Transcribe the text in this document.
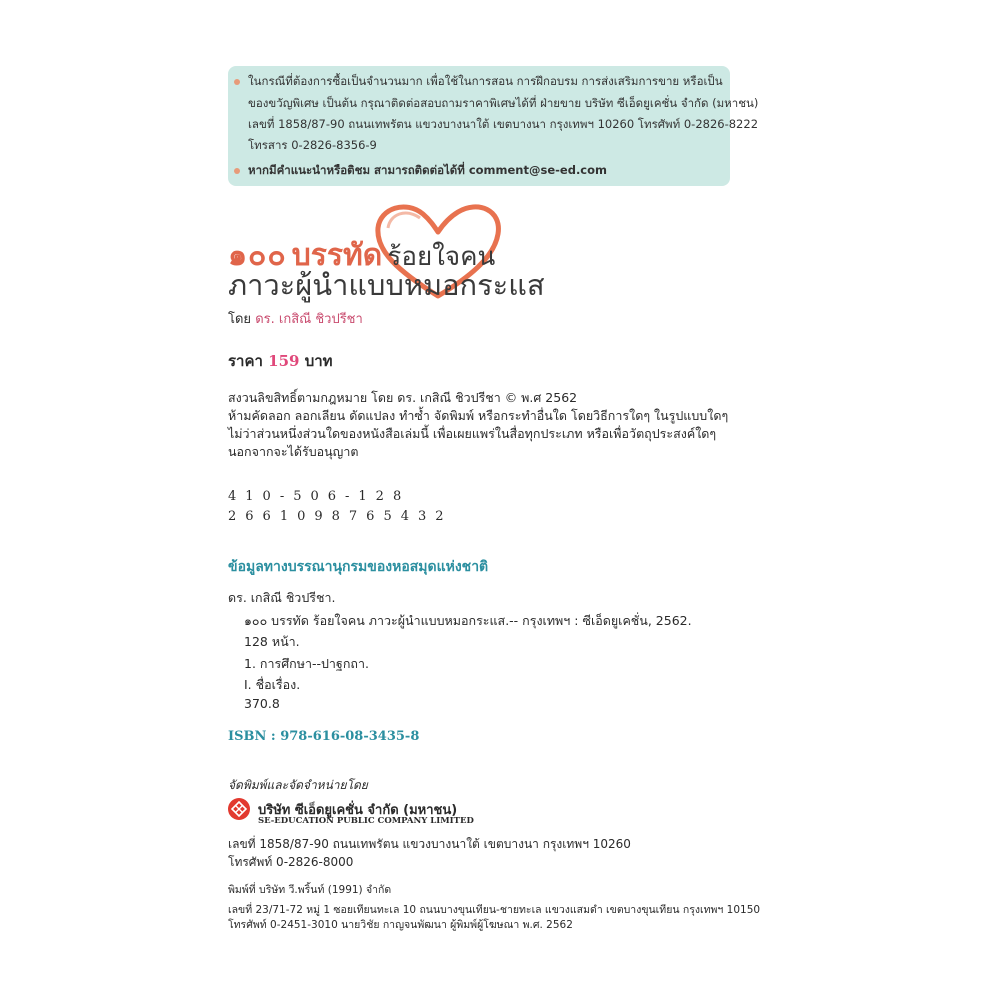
ในกรณีที่ต้องการซื้อเป็นจำนวนมาก เพื่อใช้ในการสอน การฝึกอบรม การส่งเสริมการขาย หรือเป็น
ของขวัญพิเศษ เป็นต้น กรุณาติดต่อสอบถามราคาพิเศษได้ที่ ฝ่ายขาย บริษัท ซีเอ็ดยูเคชั่น จำกัด (มหาชน)
เลขที่ 1858/87-90 ถนนเทพรัตน แขวงบางนาใต้ เขตบางนา กรุงเทพฯ 10260 โทรศัพท์ 0-2826-8222
โทรสาร 0-2826-8356-9
หากมีคำแนะนำหรือติชม สามารถติดต่อได้ที่ comment@se-ed.com
๑๐๐ บรรทัด ร้อยใจคน
ภาวะผู้นำแบบหมอกระแส
โดย ดร. เกสิณี ชิวปรีชา
ราคา 159 บาท
สงวนลิขสิทธิ์ตามกฎหมาย โดย ดร. เกสิณี ชิวปรีชา © พ.ศ 2562
ห้ามคัดลอก ลอกเลียน ดัดแปลง ทำซ้ำ จัดพิมพ์ หรือกระทำอื่นใด โดยวิธีการใดๆ ในรูปแบบใดๆ
ไม่ว่าส่วนหนึ่งส่วนใดของหนังสือเล่มนี้ เพื่อเผยแพร่ในสื่อทุกประเภท หรือเพื่อวัตถุประสงค์ใดๆ
นอกจากจะได้รับอนุญาต
410-506-128
2661098765432
ข้อมูลทางบรรณานุกรมของหอสมุดแห่งชาติ
ดร. เกสิณี ชิวปรีชา.
๑๐๐ บรรทัด ร้อยใจคน ภาวะผู้นำแบบหมอกระแส.-- กรุงเทพฯ : ซีเอ็ดยูเคชั่น, 2562.
128 หน้า.
1. การศึกษา--ปาฐกถา.
I. ชื่อเรื่อง.
370.8
ISBN : 978-616-08-3435-8
จัดพิมพ์และจัดจำหน่ายโดย
บริษัท ซีเอ็ดยูเคชั่น จำกัด (มหาชน)
SE-EDUCATION PUBLIC COMPANY LIMITED
เลขที่ 1858/87-90 ถนนเทพรัตน แขวงบางนาใต้ เขตบางนา กรุงเทพฯ 10260
โทรศัพท์ 0-2826-8000
พิมพ์ที่ บริษัท วี.พริ้นท์ (1991) จำกัด
เลขที่ 23/71-72 หมู่ 1 ซอยเทียนทะเล 10 ถนนบางขุนเทียน-ชายทะเล แขวงแสมดำ เขตบางขุนเทียน กรุงเทพฯ 10150
โทรศัพท์ 0-2451-3010 นายวิชัย กาญจนพัฒนา ผู้พิมพ์ผู้โฆษณา พ.ศ. 2562
